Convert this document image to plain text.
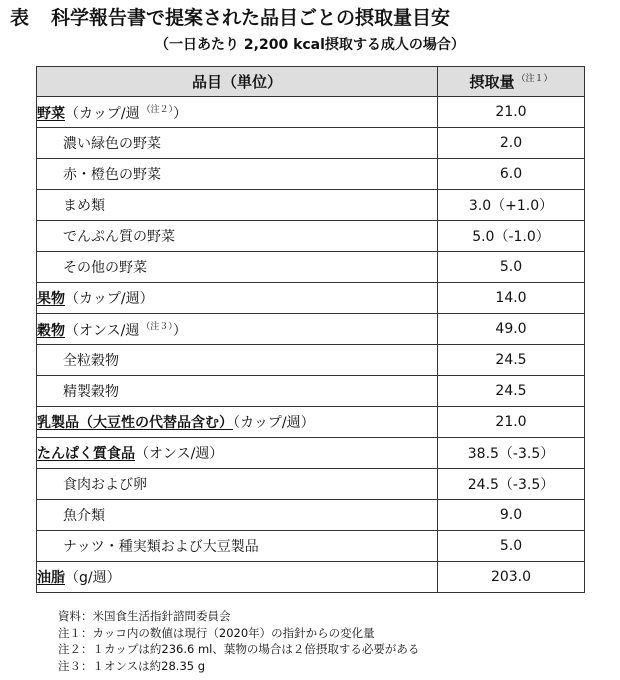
表 科学報告書で提案された品目ごとの摂取量目安
（一日あたり 2,200 kcal摂取する成人の場合）
品目（単位）	摂取量 $^{(注1)}$
野菜（カップ/週 $^{(注2)}$）	21.0
濃い緑色の野菜	2.0
赤・橙色の野菜	6.0
まめ類	3.0（+1.0）
でんぷん質の野菜	5.0（-1.0）
その他の野菜	5.0
果物（カップ/週）	14.0
穀物（オンス/週 $^{(注3)}$）	49.0
全粒穀物	24.5
精製穀物	24.5
乳製品（大豆性の代替品含む）（カップ/週）	21.0
たんぱく質食品（オンス/週）	38.5（-3.5）
食肉および卵	24.5（-3.5）
魚介類	9.0
ナッツ・種実類および大豆製品	5.0
油脂（g/週）	203.0
資料：米国食生活指針諮問委員会
注１：カッコ内の数値は現行（2020年）の指針からの変化量
注２：１カップは約236.6 ml、葉物の場合は２倍摂取する必要がある
注３：１オンスは約28.35 g
